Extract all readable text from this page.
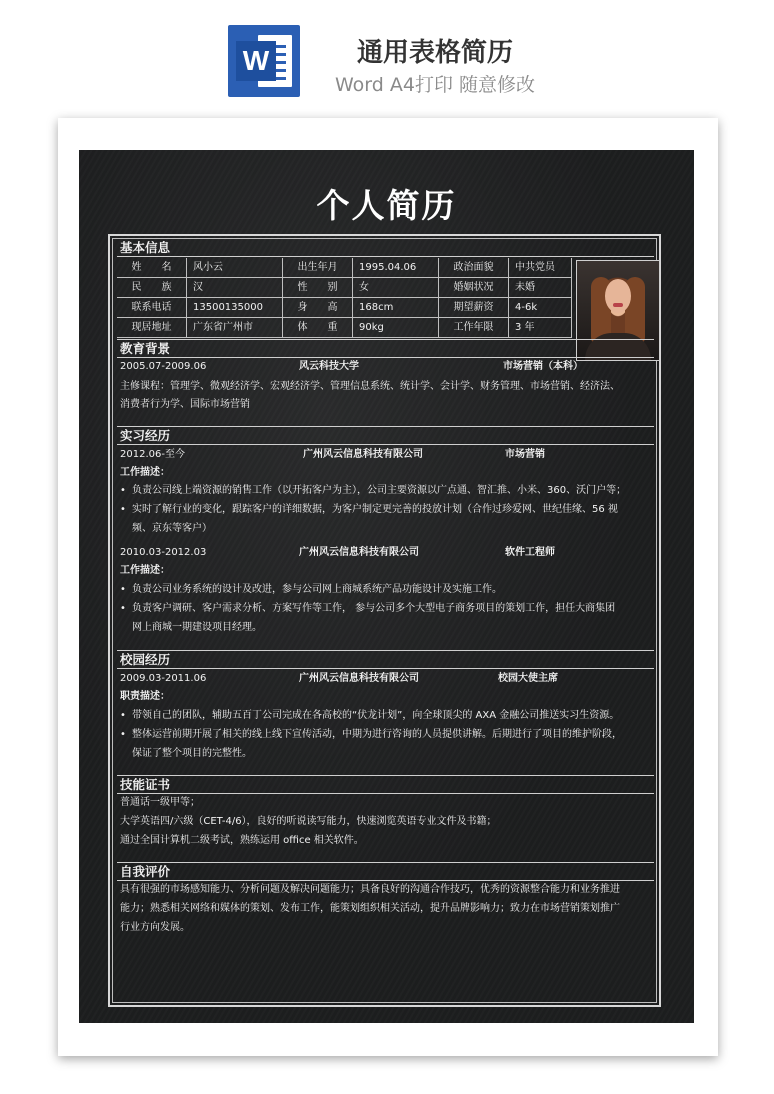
W	通用表格简历
Word A4打印 随意修改
个人简历
基本信息
姓　　名	风小云	出生年月	1995.04.06	政治面貌	中共党员
民　　族	汉	性　　别	女	婚姻状况	未婚
联系电话	13500135000	身　　高	168cm	期望薪资	4-6k
现居地址	广东省广州市	体　　重	90kg	工作年限	3 年
教育背景
2005.07-2009.06	风云科技大学	市场营销（本科）
主修课程：管理学、微观经济学、宏观经济学、管理信息系统、统计学、会计学、财务管理、市场营销、经济法、
消费者行为学、国际市场营销
实习经历
2012.06-至今	广州风云信息科技有限公司	市场营销
工作描述：
• 负责公司线上端资源的销售工作（以开拓客户为主），公司主要资源以广点通、智汇推、小米、360、沃门户等；
• 实时了解行业的变化，跟踪客户的详细数据，为客户制定更完善的投放计划（合作过珍爱网、世纪佳缘、56 视
频、京东等客户）
2010.03-2012.03	广州风云信息科技有限公司	软件工程师
工作描述：
• 负责公司业务系统的设计及改进，参与公司网上商城系统产品功能设计及实施工作。
• 负责客户调研、客户需求分析、方案写作等工作， 参与公司多个大型电子商务项目的策划工作，担任大商集团
网上商城一期建设项目经理。
校园经历
2009.03-2011.06	广州风云信息科技有限公司	校园大使主席
职责描述：
• 带领自己的团队，辅助五百丁公司完成在各高校的“伏龙计划”，向全球顶尖的 AXA 金融公司推送实习生资源。
• 整体运营前期开展了相关的线上线下宣传活动，中期为进行咨询的人员提供讲解。后期进行了项目的维护阶段，
保证了整个项目的完整性。
技能证书
普通话一级甲等；
大学英语四/六级（CET-4/6），良好的听说读写能力，快速浏览英语专业文件及书籍；
通过全国计算机二级考试，熟练运用 office 相关软件。
自我评价
具有很强的市场感知能力、分析问题及解决问题能力；具备良好的沟通合作技巧，优秀的资源整合能力和业务推进
能力；熟悉相关网络和媒体的策划、发布工作，能策划组织相关活动，提升品牌影响力；致力在市场营销策划推广
行业方向发展。
